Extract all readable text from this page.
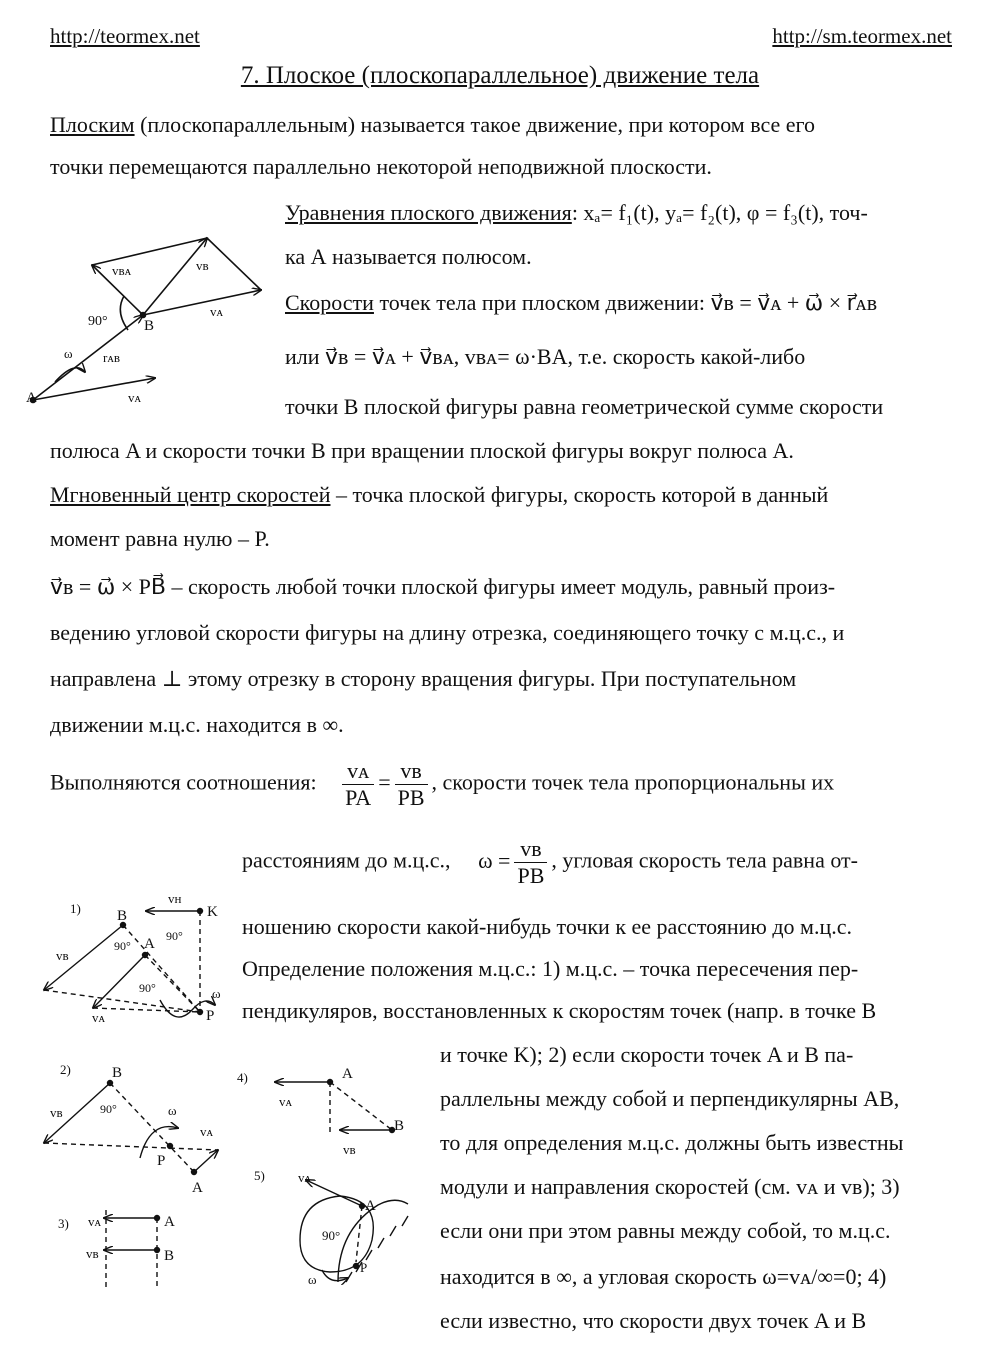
http://teormex.net	http://sm.teormex.net
7. Плоское (плоскопараллельное) движение тела
Плоским (плоскопараллельным) называется такое движение, при котором все его
точки перемещаются параллельно некоторой неподвижной плоскости.
Уравнения плоского движения: xₐ= f₁(t), yₐ= f₂(t), φ = f₃(t), точ-
ка А называется полюсом.
Скорости точек тела при плоском движении: v⃗ʙ = v⃗ᴀ + ω⃗ × r⃗ᴀʙ
или v⃗ʙ = v⃗ᴀ + v⃗ʙᴀ, vʙᴀ= ω·BA, т.е. скорость какой-либо
точки B плоской фигуры равна геометрической сумме скорости
полюса A и скорости точки B при вращении плоской фигуры вокруг полюса A.
Мгновенный центр скоростей – точка плоской фигуры, скорость которой в данный
момент равна нулю – P.
v⃗ʙ = ω⃗ × PB⃗ – скорость любой точки плоской фигуры имеет модуль, равный произ-
ведению угловой скорости фигуры на длину отрезка, соединяющего точку с м.ц.с., и
направлена ⊥ этому отрезку в сторону вращения фигуры. При поступательном
движении м.ц.с. находится в ∞.
Выполняются соотношения: $\frac{\text{vᴀ}}{PA} = \frac{\text{vʙ}}{PB}$ , скорости точек тела пропорциональны их
расстояниям до м.ц.с., $\omega = \frac{\text{vʙ}}{PB}$ , угловая скорость тела равна от-
ношению скорости какой-нибудь точки к ее расстоянию до м.ц.с.
Определение положения м.ц.с.: 1) м.ц.с. – точка пересечения пер-
пендикуляров, восстановленных к скоростям точек (напр. в точке B
и точке K); 2) если скорости точек A и B па-
раллельны между собой и перпендикулярны AB,
то для определения м.ц.с. должны быть известны
модули и направления скоростей (см. vᴀ и vʙ); 3)
если они при этом равны между собой, то м.ц.с.
находится в ∞, а угловая скорость ω=vᴀ/∞=0; 4)
если известно, что скорости двух точек A и B
vʙᴀ	vʙ
vᴀ
90° B
A
rᴀʙ
ω
vᴀ
1) B
vʜ
K
A
90°
90°
90°
vʙ
vᴀ
ω
P
2)	B
vʙ	90°	ω
vᴀ
P
A
3) vᴀ	A
vʙ	B
4)	A
vᴀ
B
vʙ
5)	vᴀ
A
90°
ω
P
